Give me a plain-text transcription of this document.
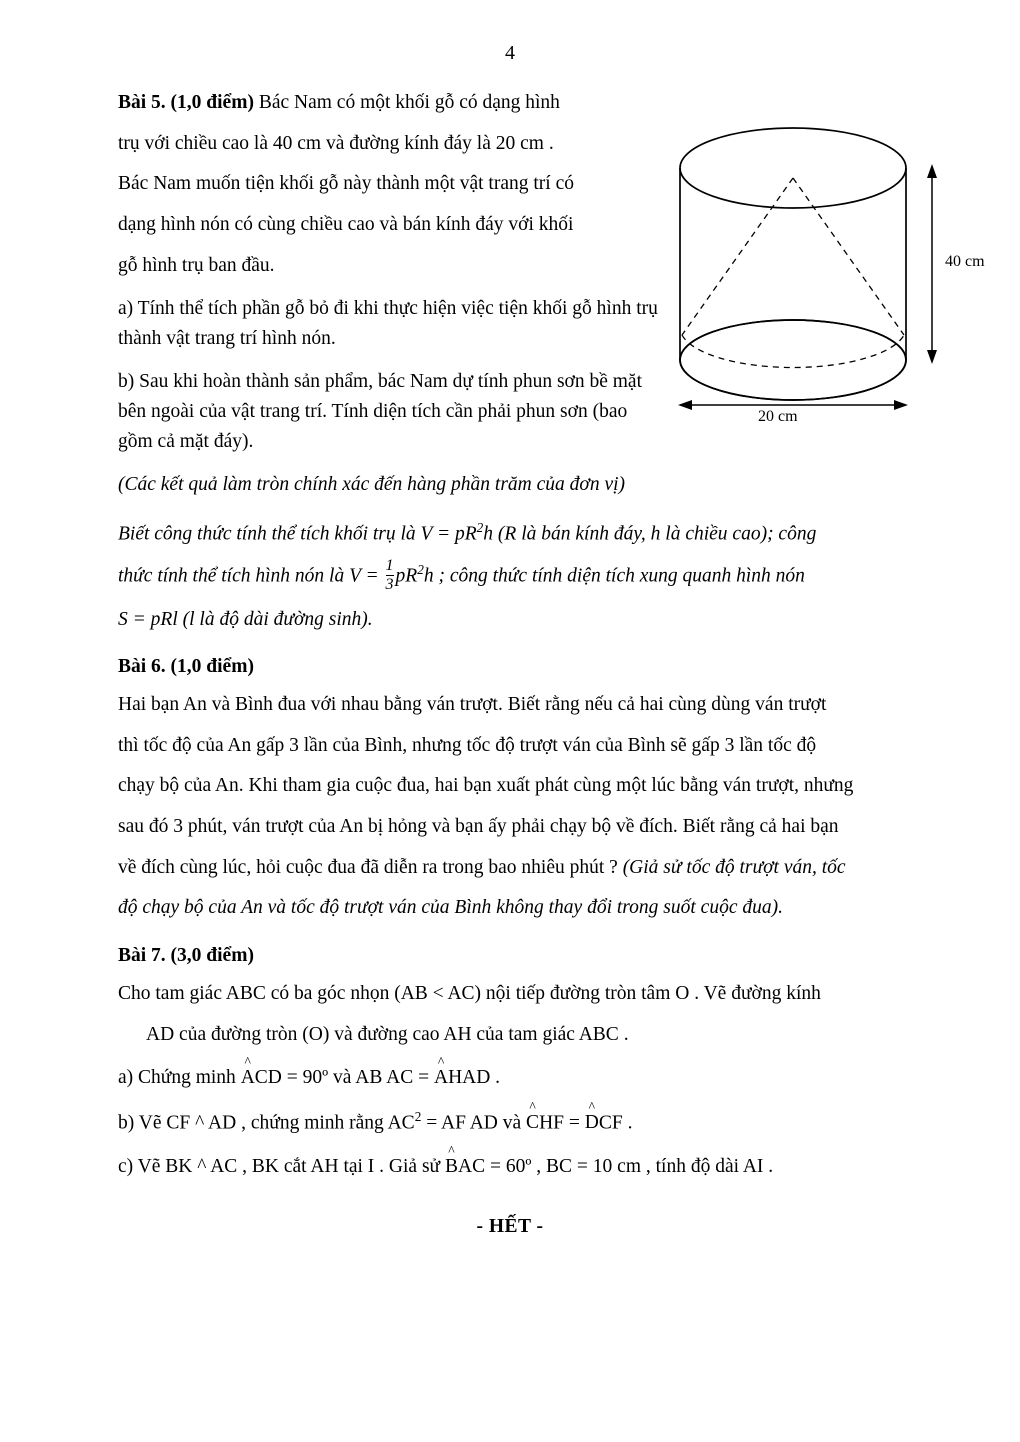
4
40 cm
20 cm

Bài 5. (1,0 điểm) Bác Nam có một khối gỗ có dạng hình

trụ với chiều cao là 40 cm và đường kính đáy là 20 cm .

Bác Nam muốn tiện khối gỗ này thành một vật trang trí có

dạng hình nón có cùng chiều cao và bán kính đáy với khối

gỗ hình trụ ban đầu.

a) Tính thể tích phần gỗ bỏ đi khi thực hiện việc tiện khối gỗ hình trụ thành vật trang trí hình nón.

b) Sau khi hoàn thành sản phẩm, bác Nam dự tính phun sơn bề mặt bên ngoài của vật trang trí. Tính diện tích cần phải phun sơn (bao gồm cả mặt đáy).

(Các kết quả làm tròn chính xác đến hàng phần trăm của đơn vị)

Biết công thức tính thể tích khối trụ là $V = pR^2h$ (R là bán kính đáy, h là chiều cao); công

thức tính thể tích hình nón là $V = \frac{1}{3} pR^2h$ ; công thức tính diện tích xung quanh hình nón

S = pRl (l là độ dài đường sinh).

Bài 6. (1,0 điểm)

Hai bạn An và Bình đua với nhau bằng ván trượt. Biết rằng nếu cả hai cùng dùng ván trượt

thì tốc độ của An gấp 3 lần của Bình, nhưng tốc độ trượt ván của Bình sẽ gấp 3 lần tốc độ

chạy bộ của An. Khi tham gia cuộc đua, hai bạn xuất phát cùng một lúc bằng ván trượt, nhưng

sau đó 3 phút, ván trượt của An bị hỏng và bạn ấy phải chạy bộ về đích. Biết rằng cả hai bạn

về đích cùng lúc, hỏi cuộc đua đã diễn ra trong bao nhiêu phút ? (Giả sử tốc độ trượt ván, tốc

độ chạy bộ của An và tốc độ trượt ván của Bình không thay đổi trong suốt cuộc đua).

Bài 7. (3,0 điểm)

Cho tam giác ABC có ba góc nhọn (AB < AC) nội tiếp đường tròn tâm O . Vẽ đường kính

AD của đường tròn (O) và đường cao AH của tam giác ABC .

a) Chứng minh
^
ACD = 90º và AB AC =
^
AHAD .

b) Vẽ CF ^ AD , chứng minh rằng $AC^2$ = AF AD và
^
CHF =
^
DCF .

c) Vẽ BK ^ AC , BK cắt AH tại I . Giả sử
^
BAC = 60º , BC = 10 cm , tính độ dài AI .

- HẾT -
